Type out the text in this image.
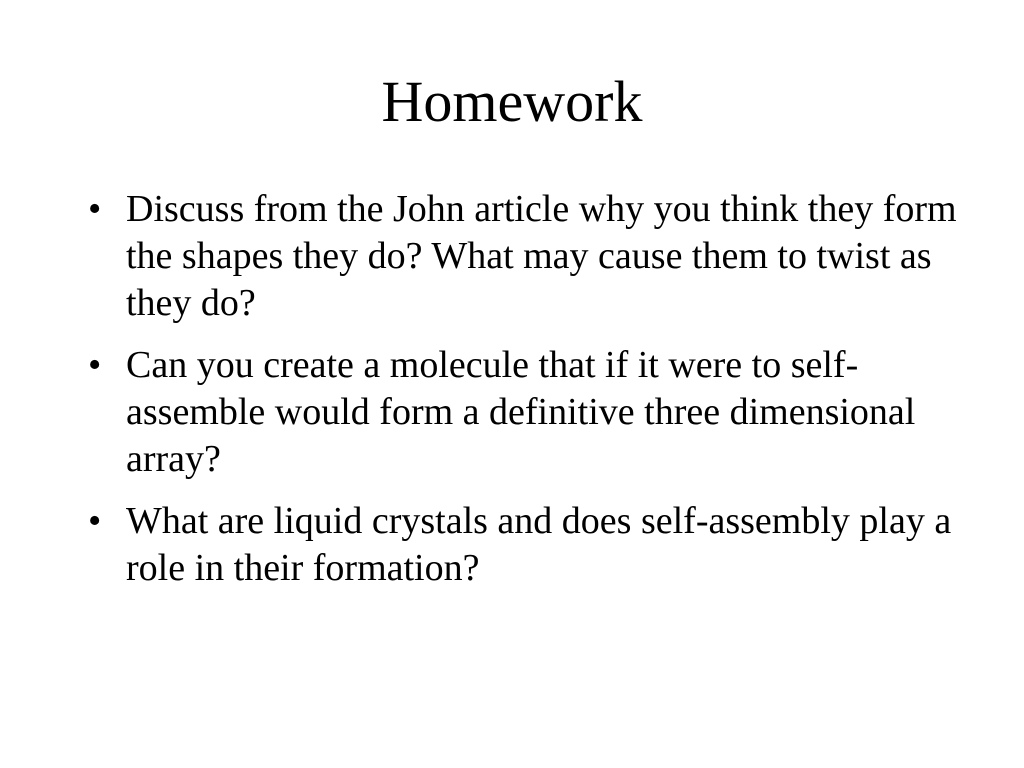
Homework
• Discuss from the John article why you think they form the shapes they do? What may cause them to twist as they do?
• Can you create a molecule that if it were to self-assemble would form a definitive three dimensional array?
• What are liquid crystals and does self-assembly play a role in their formation?
